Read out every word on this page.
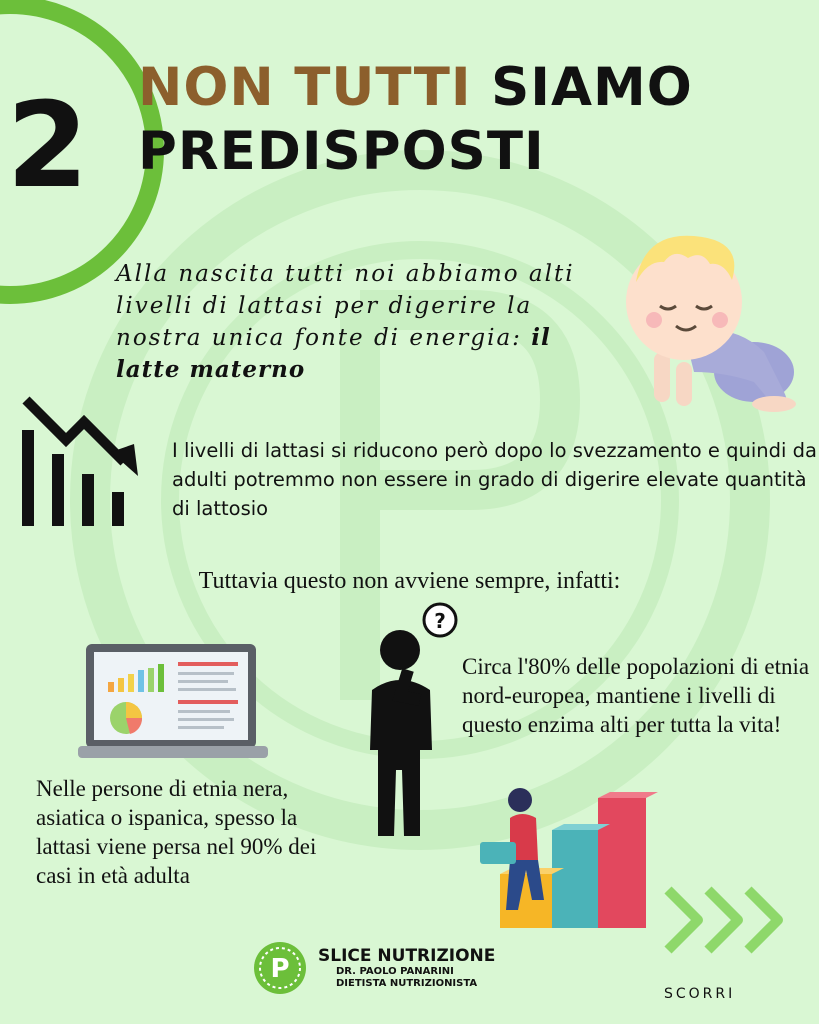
2 NON TUTTI SIAMO
PREDISPOSTI
Alla nascita tutti noi abbiamo alti livelli di lattasi per digerire la nostra unica fonte di energia: il latte materno
I livelli di lattasi si riducono però dopo lo svezzamento e quindi da adulti potremmo non essere in grado di digerire elevate quantità di lattosio
Tuttavia questo non avviene sempre, infatti:
?
Circa l'80% delle popolazioni di etnia nord-europea, mantiene i livelli di questo enzima alti per tutta la vita!
Nelle persone di etnia nera, asiatica o ispanica, spesso la lattasi viene persa nel 90% dei casi in età adulta
SCORRI
P SLICE NUTRIZIONE
DR. PAOLO PANARINI
DIETISTA NUTRIZIONISTA
